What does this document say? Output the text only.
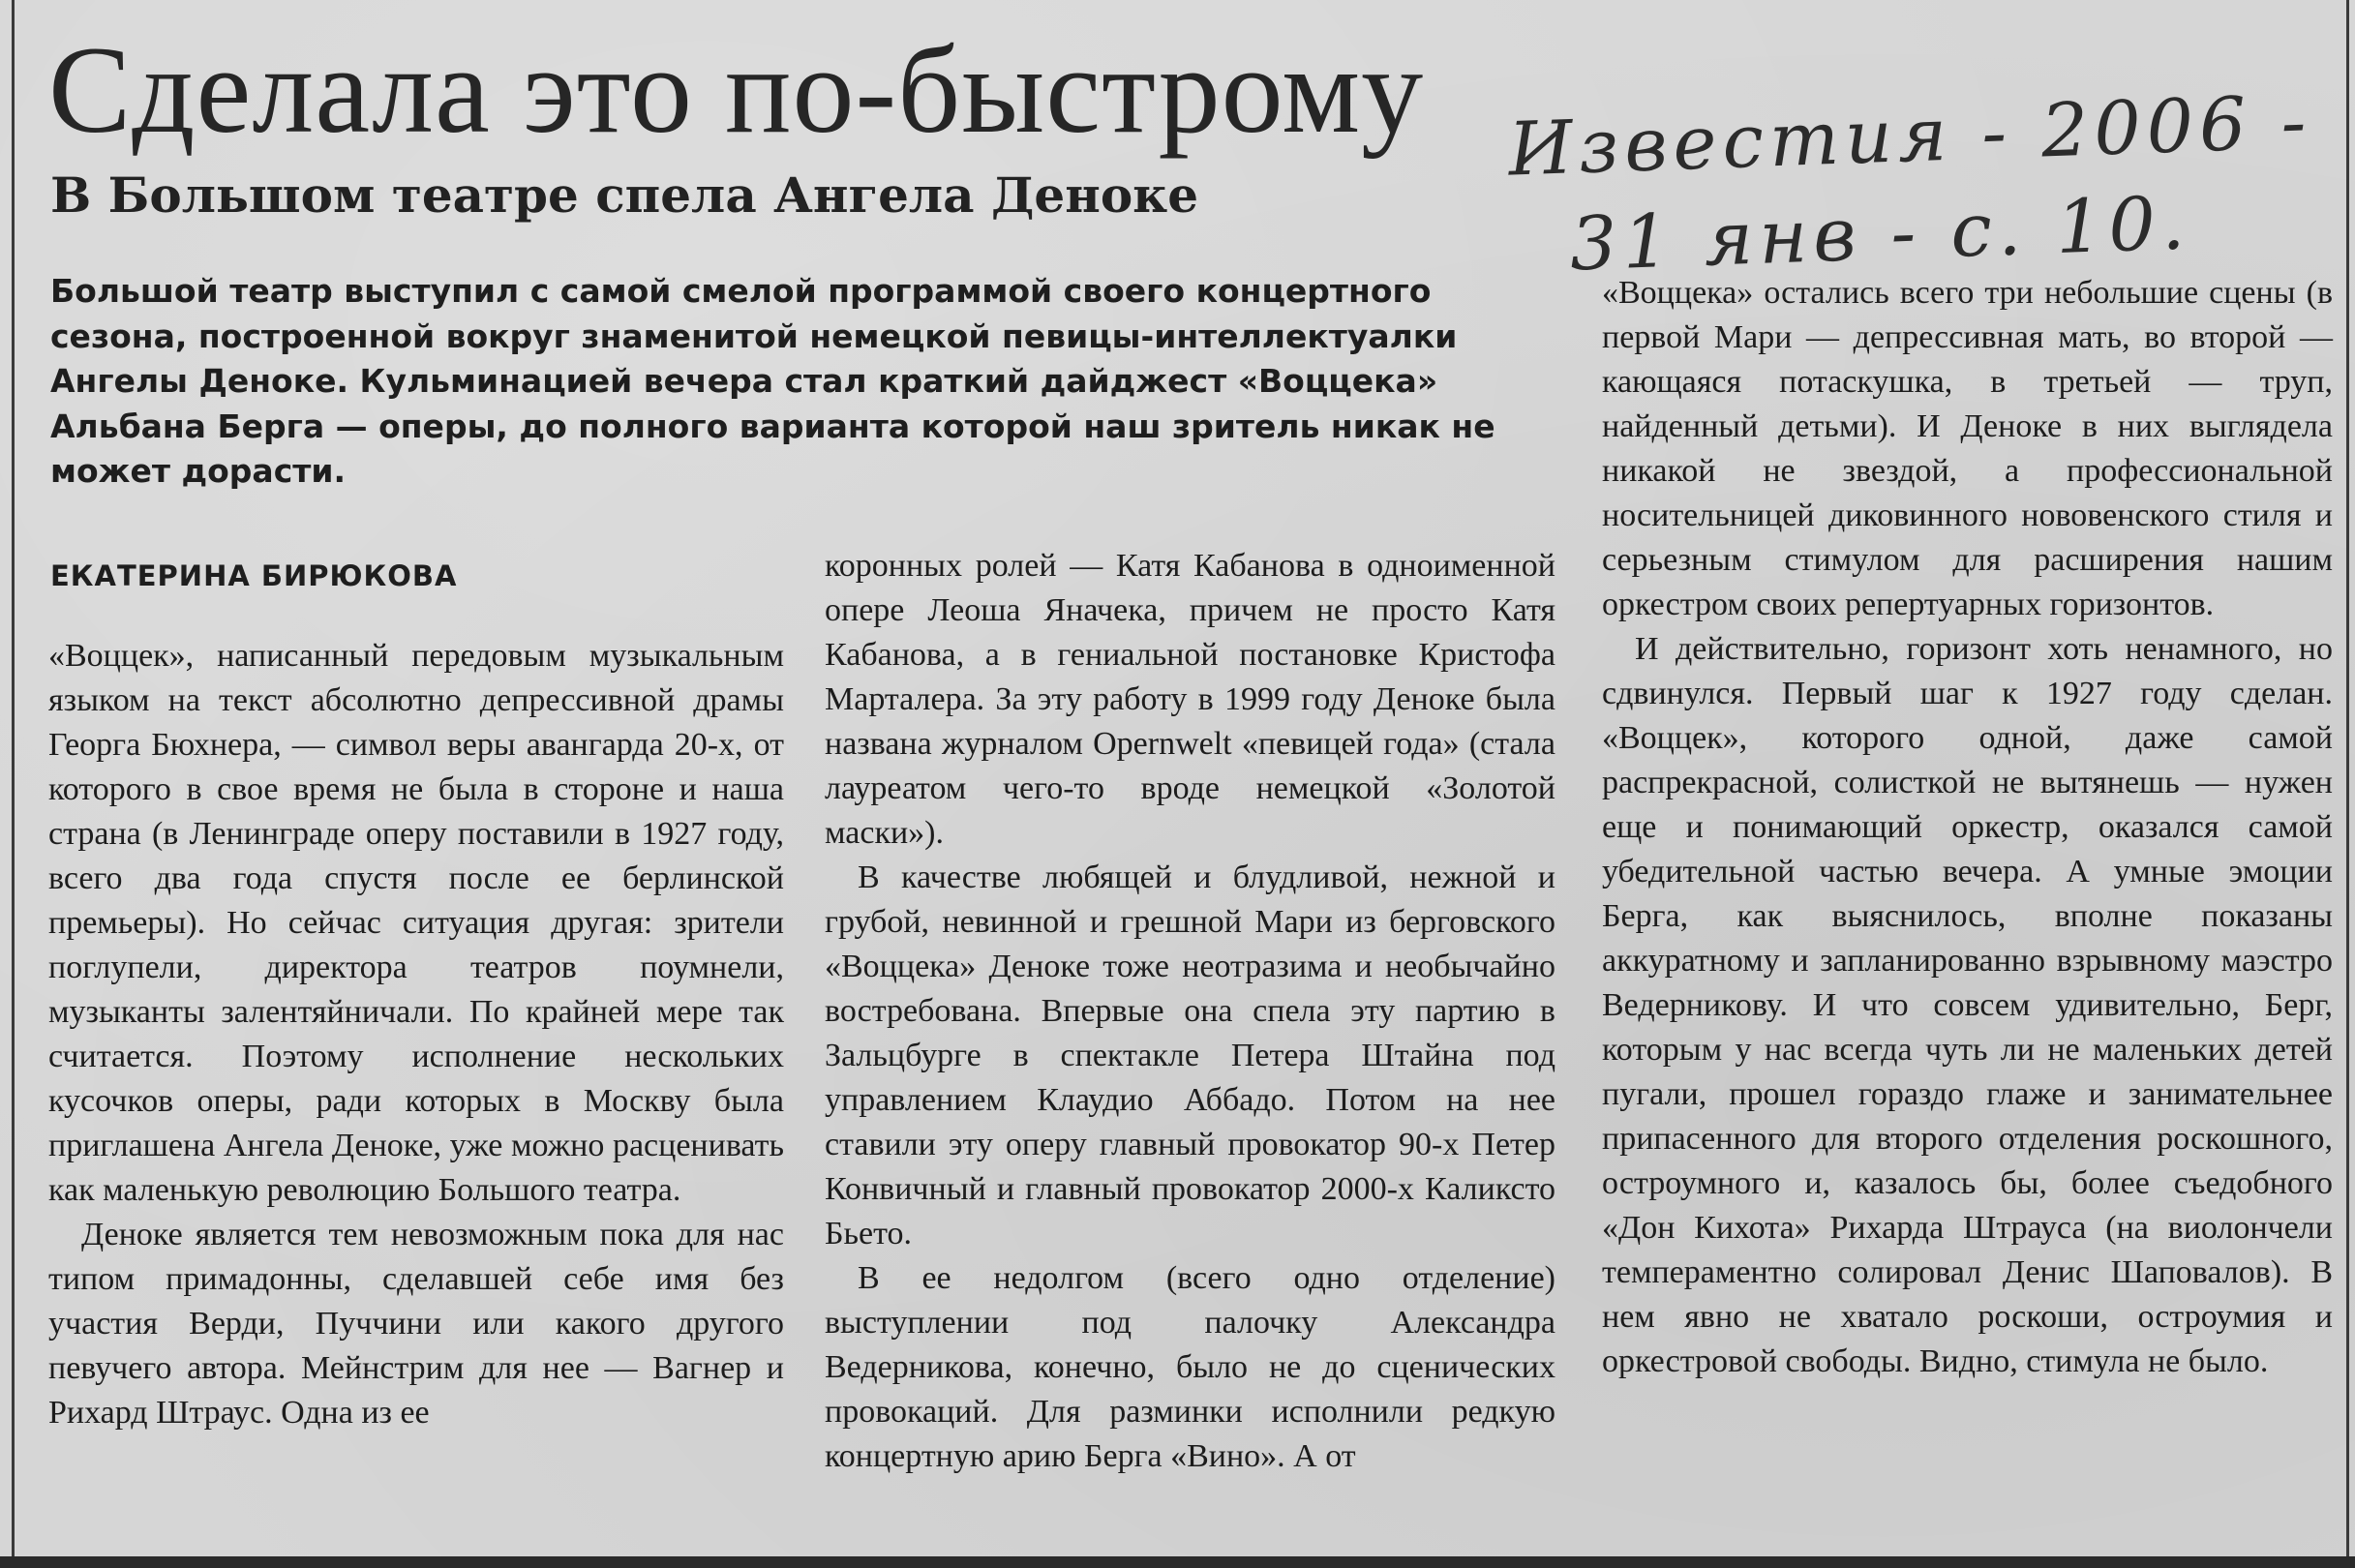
Сделала это по-быстрому
В Большом театре спела Ангела Деноке
Известия - 2006 -
31 янв - с. 10.
Большой театр выступил с самой смелой программой своего концертного сезона, построенной вокруг знаменитой немецкой певицы-интеллектуалки Ангелы Деноке. Кульминацией вечера стал краткий дайджест «Воццека» Альбана Берга — оперы, до полного варианта которой наш зритель никак не может дорасти.
ЕКАТЕРИНА БИРЮКОВА

«Воццек», написанный передовым музыкальным языком на текст абсолютно депрессивной драмы Георга Бюхнера, — символ веры авангарда 20-х, от которого в свое время не была в стороне и наша страна (в Ленинграде оперу поставили в 1927 году, всего два года спустя после ее берлинской премьеры). Но сейчас ситуация другая: зрители поглупели, директора театров поумнели, музыканты залентяйничали. По крайней мере так считается. Поэтому исполнение нескольких кусочков оперы, ради которых в Москву была приглашена Ангела Деноке, уже можно расценивать как маленькую революцию Большого театра.

Деноке является тем невозможным пока для нас типом примадонны, сделавшей себе имя без участия Верди, Пуччини или какого другого певучего автора. Мейнстрим для нее — Вагнер и Рихард Штраус. Одна из ее

коронных ролей — Катя Кабанова в одноименной опере Леоша Яначека, причем не просто Катя Кабанова, а в гениальной постановке Кристофа Марталера. За эту работу в 1999 году Деноке была названа журналом Opernwelt «певицей года» (стала лауреатом чего-то вроде немецкой «Золотой маски»).

В качестве любящей и блудливой, нежной и грубой, невинной и грешной Мари из берговского «Воццека» Деноке тоже неотразима и необычайно востребована. Впервые она спела эту партию в Зальцбурге в спектакле Петера Штайна под управлением Клаудио Аббадо. Потом на нее ставили эту оперу главный провокатор 90-х Петер Конвичный и главный провокатор 2000-х Каликсто Бьето.

В ее недолгом (всего одно отделение) выступлении под палочку Александра Ведерникова, конечно, было не до сценических провокаций. Для разминки исполнили редкую концертную арию Берга «Вино». А от

«Воццека» остались всего три небольшие сцены (в первой Мари — депрессивная мать, во второй — кающаяся потаскушка, в третьей — труп, найденный детьми). И Деноке в них выглядела никакой не звездой, а профессиональной носительницей диковинного нововенского стиля и серьезным стимулом для расширения нашим оркестром своих репертуарных горизонтов.

И действительно, горизонт хоть ненамного, но сдвинулся. Первый шаг к 1927 году сделан. «Воццек», которого одной, даже самой распрекрасной, солисткой не вытянешь — нужен еще и понимающий оркестр, оказался самой убедительной частью вечера. А умные эмоции Берга, как выяснилось, вполне показаны аккуратному и запланированно взрывному маэстро Ведерникову. И что совсем удивительно, Берг, которым у нас всегда чуть ли не маленьких детей пугали, прошел гораздо глаже и занимательнее припасенного для второго отделения роскошного, остроумного и, казалось бы, более съедобного «Дон Кихота» Рихарда Штрауса (на виолончели темпераментно солировал Денис Шаповалов). В нем явно не хватало роскоши, остроумия и оркестровой свободы. Видно, стимула не было.
